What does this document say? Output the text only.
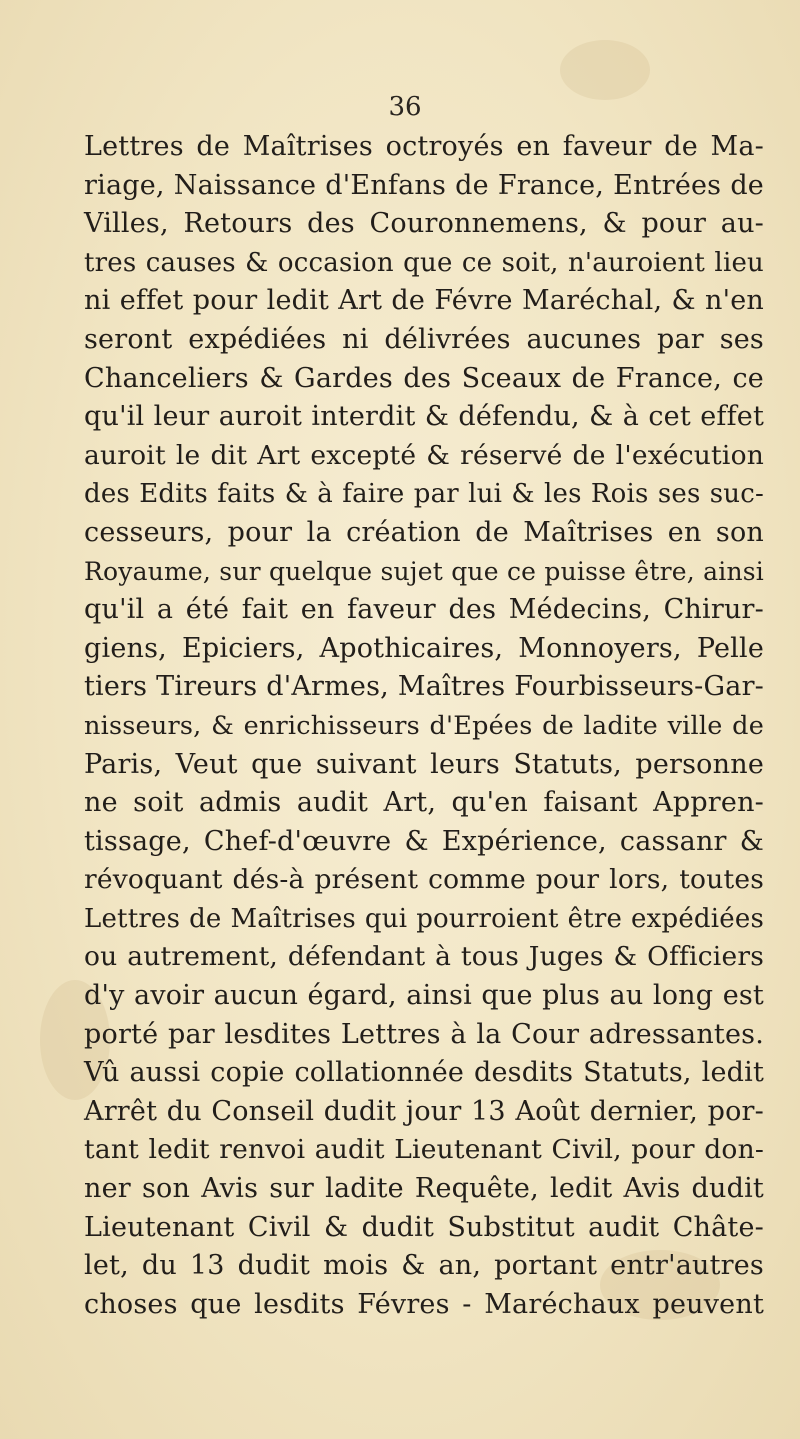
36
Lettres de Maîtrises octroyés en faveur de Ma-
riage, Naissance d'Enfans de France, Entrées de
Villes, Retours des Couronnemens, & pour au-
tres causes & occasion que ce soit, n'auroient lieu
ni effet pour ledit Art de Févre Maréchal, & n'en
seront expédiées ni délivrées aucunes par ses
Chanceliers & Gardes des Sceaux de France, ce
qu'il leur auroit interdit & défendu, & à cet effet
auroit le dit Art excepté & réservé de l'exécution
des Edits faits & à faire par lui & les Rois ses suc-
cesseurs, pour la création de Maîtrises en son
Royaume, sur quelque sujet que ce puisse être, ainsi
qu'il a été fait en faveur des Médecins, Chirur-
giens, Epiciers, Apothicaires, Monnoyers, Pelle
tiers Tireurs d'Armes, Maîtres Fourbisseurs-Gar-
nisseurs, & enrichisseurs d'Epées de ladite ville de
Paris, Veut que suivant leurs Statuts, personne
ne soit admis audit Art, qu'en faisant Appren-
tissage, Chef-d'œuvre & Expérience, cassanr &
révoquant dés-à présent comme pour lors, toutes
Lettres de Maîtrises qui pourroient être expédiées
ou autrement, défendant à tous Juges & Officiers
d'y avoir aucun égard, ainsi que plus au long est
porté par lesdites Lettres à la Cour adressantes.
Vû aussi copie collationnée desdits Statuts, ledit
Arrêt du Conseil dudit jour 13 Août dernier, por-
tant ledit renvoi audit Lieutenant Civil, pour don-
ner son Avis sur ladite Requête, ledit Avis dudit
Lieutenant Civil & dudit Substitut audit Châte-
let, du 13 dudit mois & an, portant entr'autres
choses que lesdits Févres - Maréchaux peuvent
